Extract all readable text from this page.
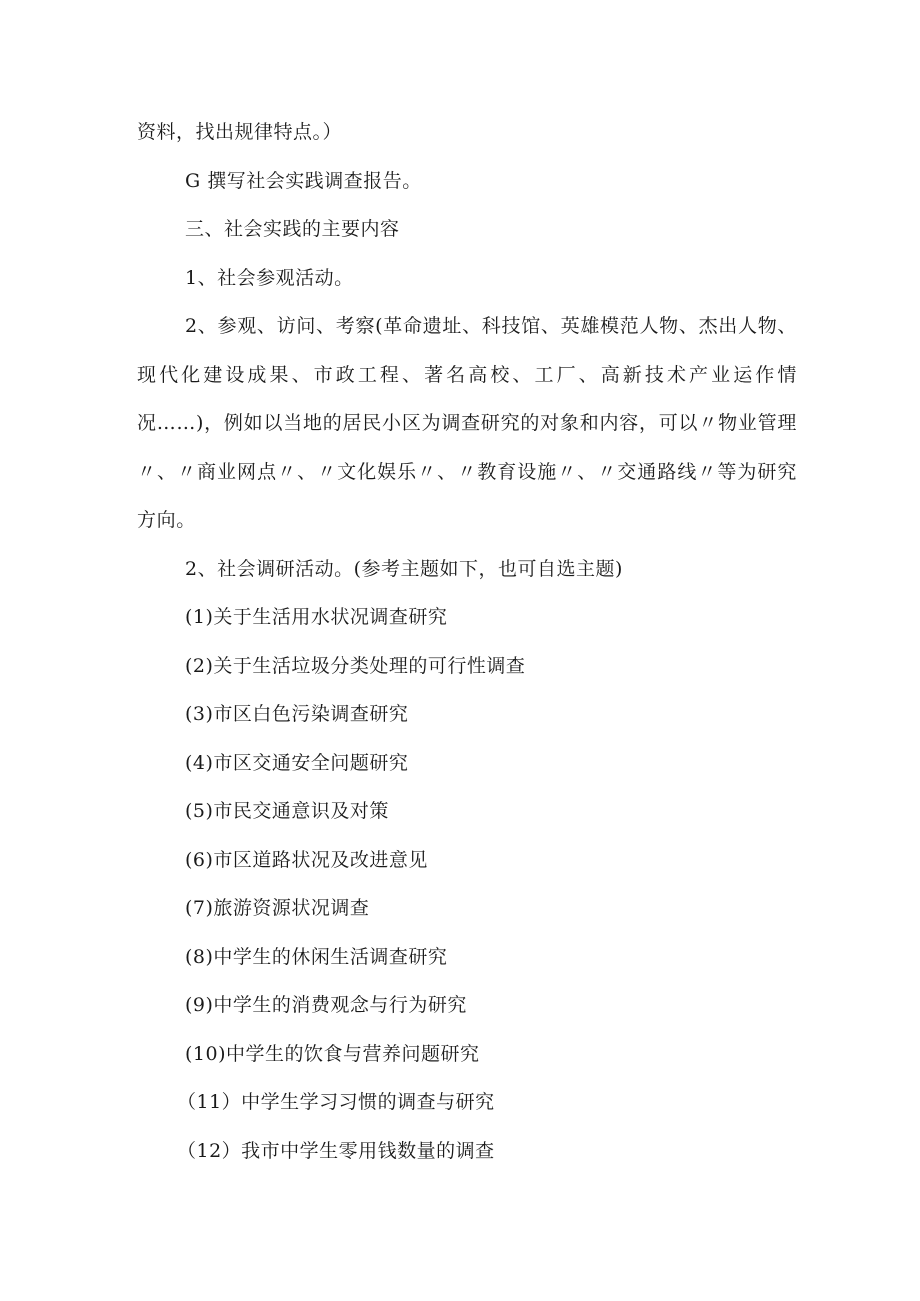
资料，找出规律特点。）
G 撰写社会实践调查报告。
三、社会实践的主要内容
1、社会参观活动。
2、参观、访问、考察(革命遗址、科技馆、英雄模范人物、杰出人物、现代化建设成果、市政工程、著名高校、工厂、高新技术产业运作情况……)，例如以当地的居民小区为调查研究的对象和内容，可以〃物业管理〃、〃商业网点〃、〃文化娱乐〃、〃教育设施〃、〃交通路线〃等为研究方向。
2、社会调研活动。(参考主题如下，也可自选主题)
(1)关于生活用水状况调查研究
(2)关于生活垃圾分类处理的可行性调查
(3)市区白色污染调查研究
(4)市区交通安全问题研究
(5)市民交通意识及对策
(6)市区道路状况及改进意见
(7)旅游资源状况调查
(8)中学生的休闲生活调查研究
(9)中学生的消费观念与行为研究
(10)中学生的饮食与营养问题研究
（11）中学生学习习惯的调查与研究
（12）我市中学生零用钱数量的调查
